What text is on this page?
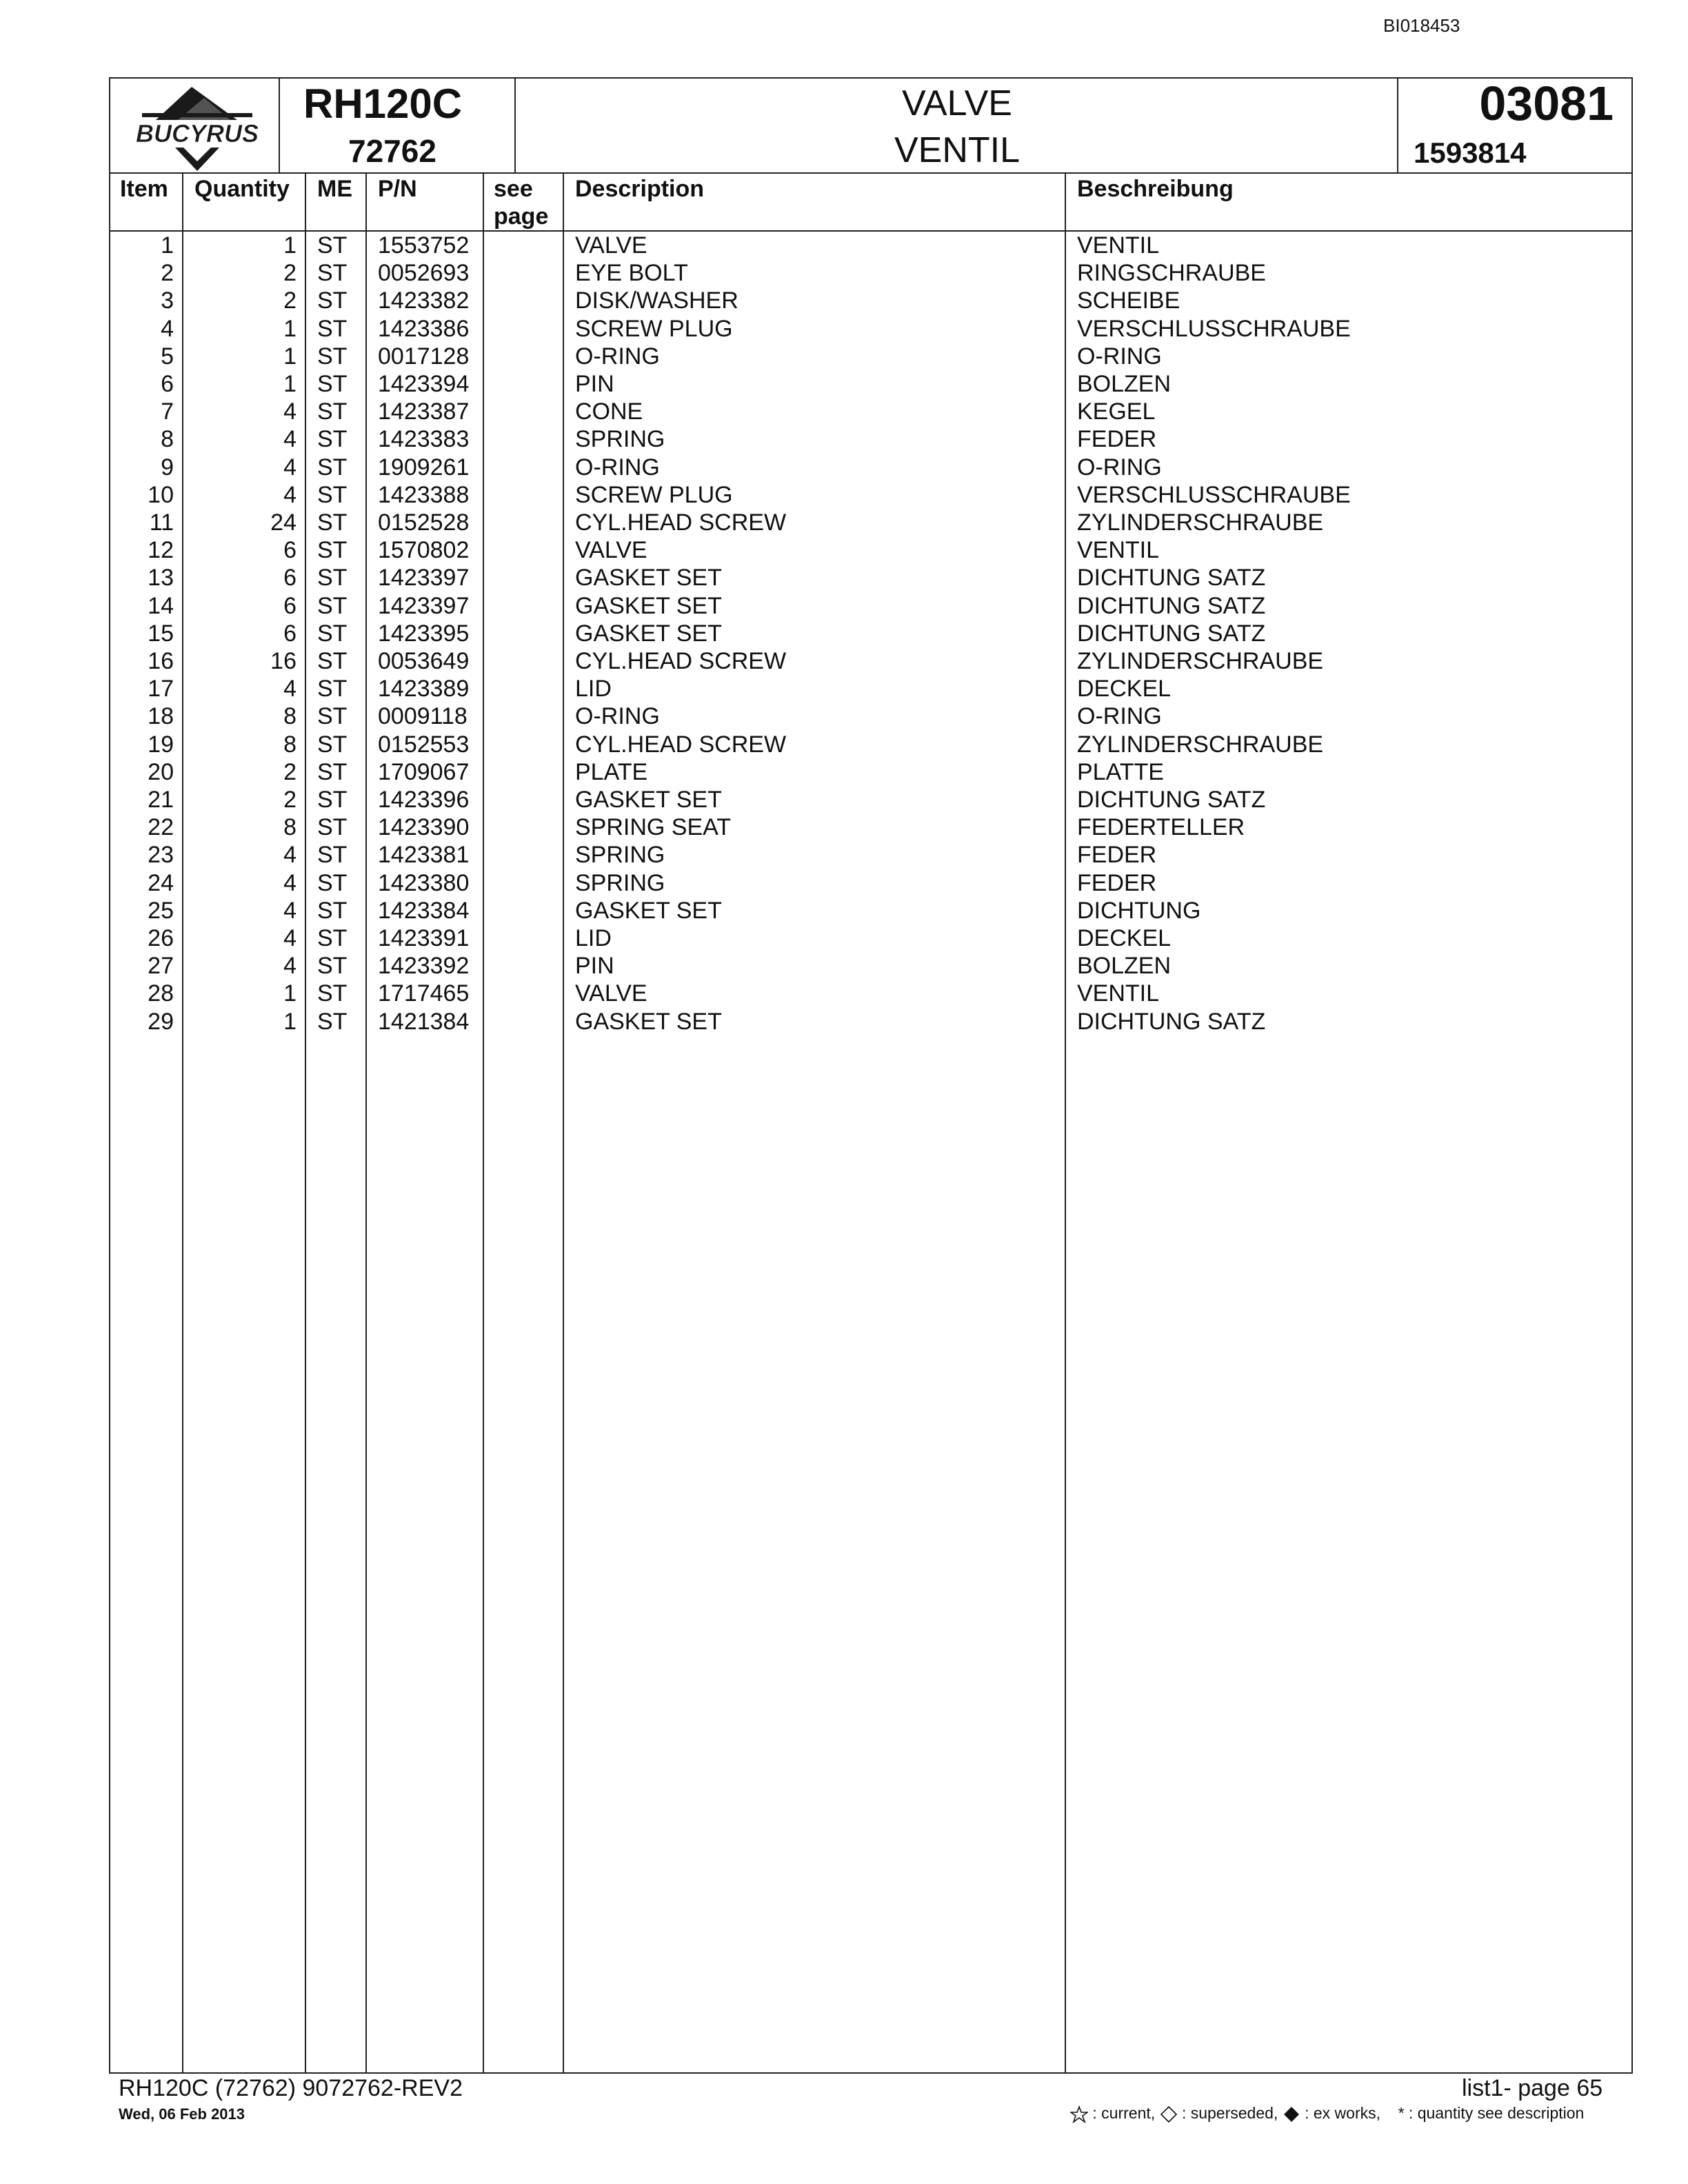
BI018453
BUCYRUS
RH120C
72762
VALVE
VENTIL
03081
1593814
Item Quantity ME P/N	see
page
Description	Beschreibung
1	1 ST 1553752	VALVE	VENTIL
2	2 ST 0052693	EYE BOLT	RINGSCHRAUBE
3	2 ST 1423382	DISK/WASHER	SCHEIBE
4	1 ST 1423386	SCREW PLUG	VERSCHLUSSCHRAUBE
5	1 ST 0017128	O-RING	O-RING
6	1 ST 1423394	PIN	BOLZEN
7	4 ST 1423387	CONE	KEGEL
8	4 ST 1423383	SPRING	FEDER
9	4 ST 1909261	O-RING	O-RING
10	4 ST 1423388	SCREW PLUG	VERSCHLUSSCHRAUBE
11	24 ST 0152528	CYL.HEAD SCREW	ZYLINDERSCHRAUBE
12	6 ST 1570802	VALVE	VENTIL
13	6 ST 1423397	GASKET SET	DICHTUNG SATZ
14	6 ST 1423397	GASKET SET	DICHTUNG SATZ
15	6 ST 1423395	GASKET SET	DICHTUNG SATZ
16	16 ST 0053649	CYL.HEAD SCREW	ZYLINDERSCHRAUBE
17	4 ST 1423389	LID	DECKEL
18	8 ST 0009118	O-RING	O-RING
19	8 ST 0152553	CYL.HEAD SCREW	ZYLINDERSCHRAUBE
20	2 ST 1709067	PLATE	PLATTE
21	2 ST 1423396	GASKET SET	DICHTUNG SATZ
22	8 ST 1423390	SPRING SEAT	FEDERTELLER
23	4 ST 1423381	SPRING	FEDER
24	4 ST 1423380	SPRING	FEDER
25	4 ST 1423384	GASKET SET	DICHTUNG
26	4 ST 1423391	LID	DECKEL
27	4 ST 1423392	PIN	BOLZEN
28	1 ST 1717465	VALVE	VENTIL
29	1 ST 1421384	GASKET SET	DICHTUNG SATZ
RH120C (72762) 9072762-REV2
Wed, 06 Feb 2013
list1- page 65
: current, : superseded, : ex works, * : quantity see description
